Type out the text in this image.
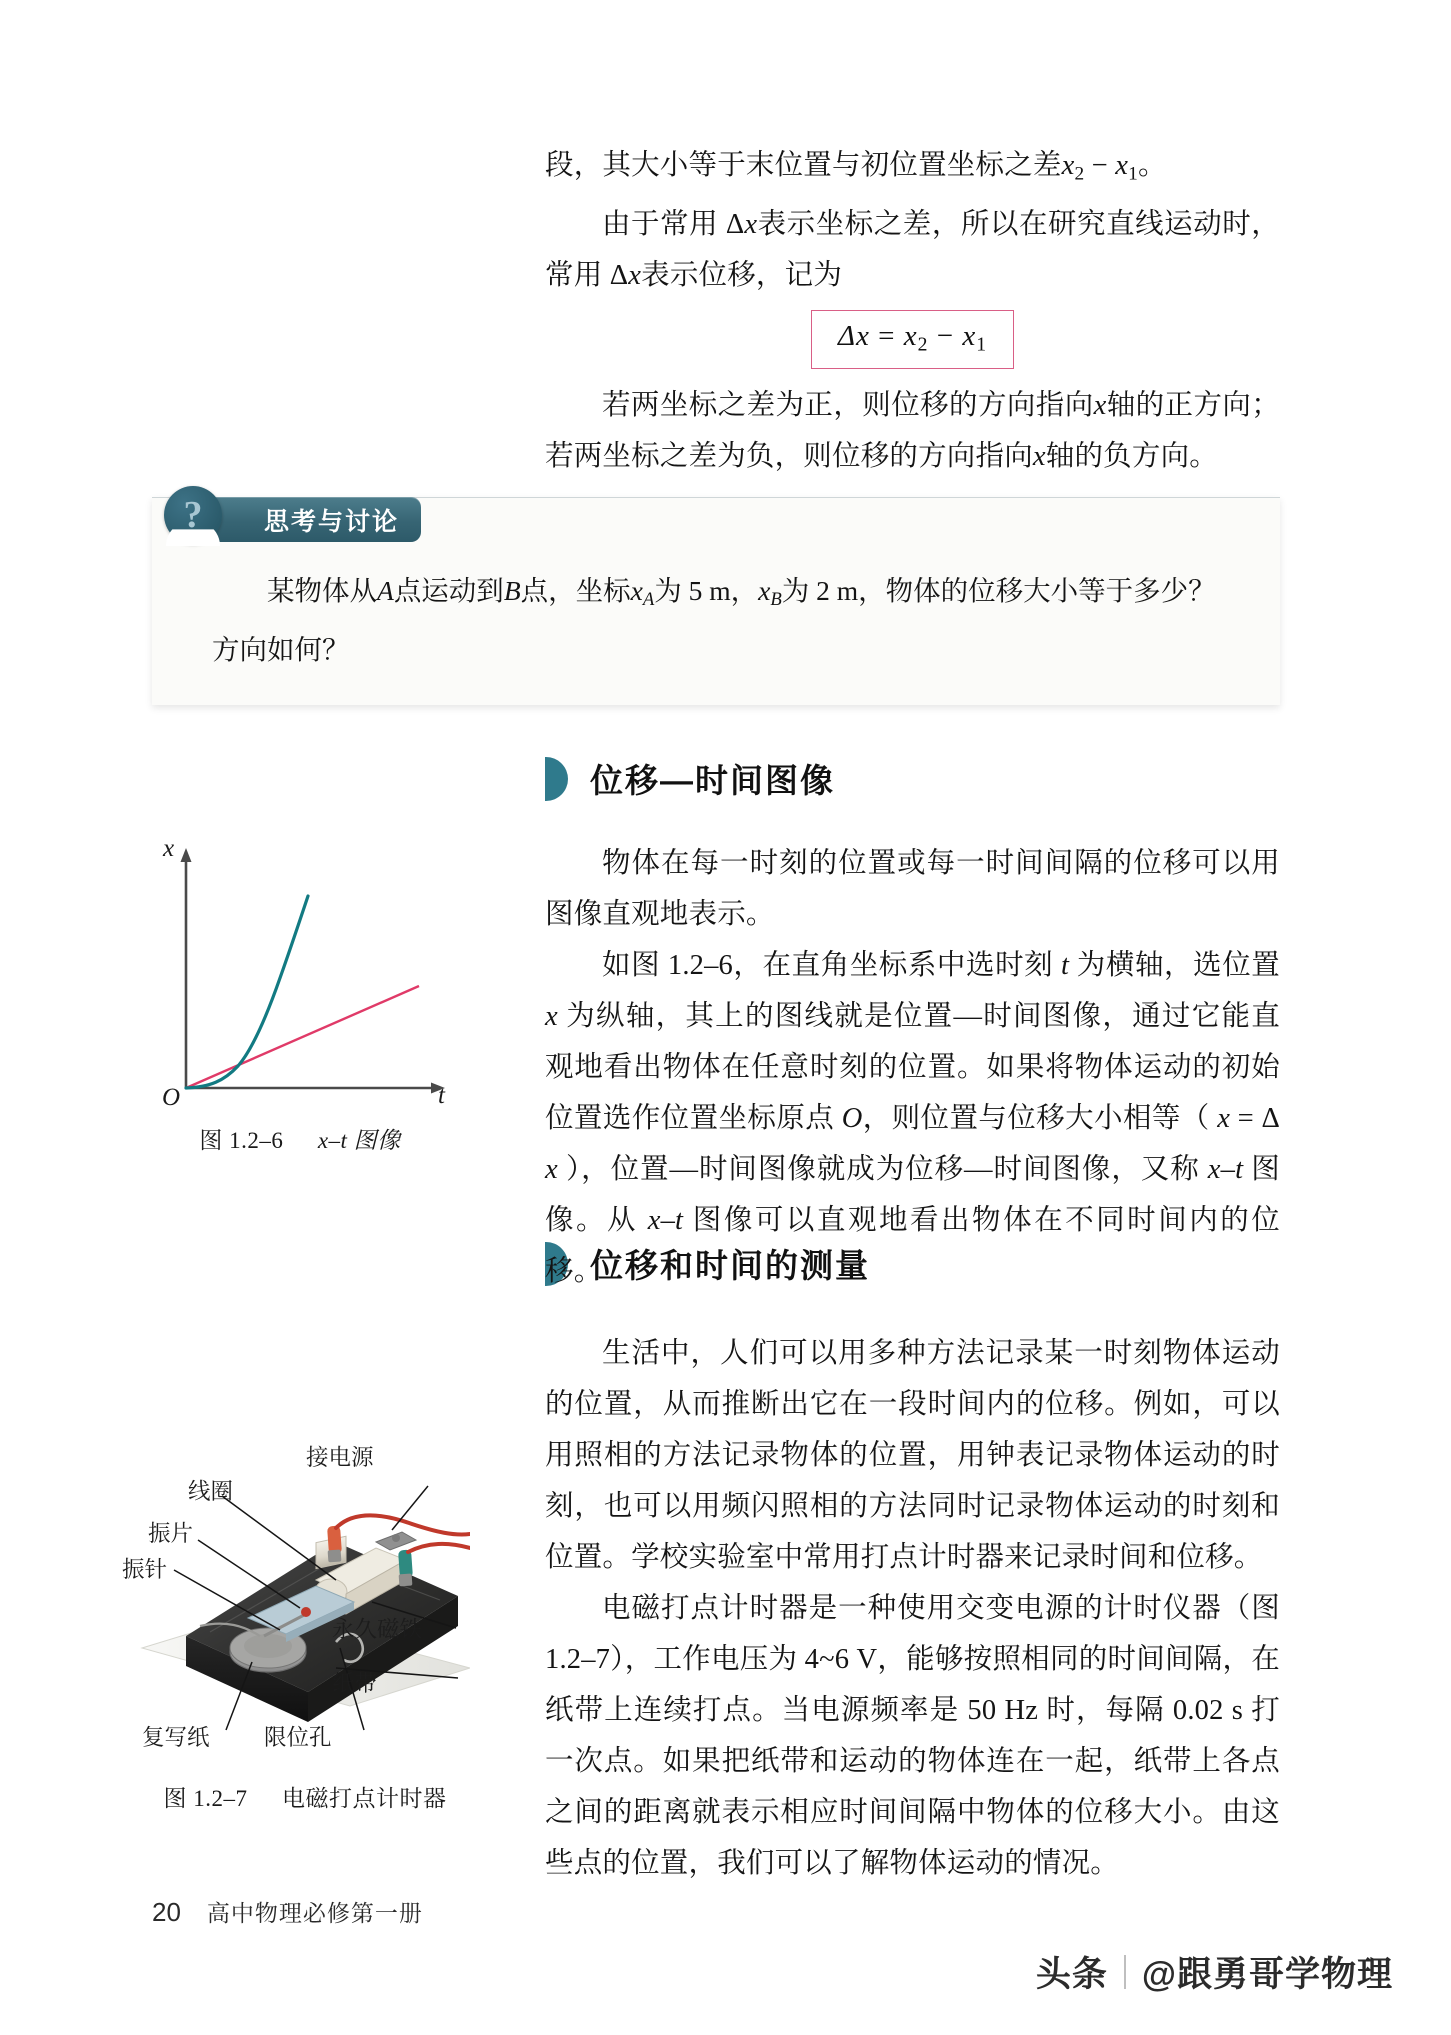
段，其大小等于末位置与初位置坐标之差$x_2 - x_1$。

由于常用 Δx表示坐标之差，所以在研究直线运动时，常用 Δx表示位移，记为

$\Delta x = x_2 - x_1$

若两坐标之差为正，则位移的方向指向x轴的正方向；若两坐标之差为负，则位移的方向指向x轴的负方向。

思考与讨论
?

某物体从A点运动到B点，坐标$x_A$为 5 m，$x_B$为 2 m，物体的位移大小等于多少？方向如何？

位移—时间图像
x
t
O
图 1.2–6 x–t 图像
位移和时间的测量

物体在每一时刻的位置或每一时间间隔的位移可以用图像直观地表示。

如图 1.2–6，在直角坐标系中选时刻 t 为横轴，选位置 x 为纵轴，其上的图线就是位置—时间图像，通过它能直观地看出物体在任意时刻的位置。如果将物体运动的初始位置选作位置坐标原点 O，则位置与位移大小相等（ x = Δ x ），位置—时间图像就成为位移—时间图像，又称 x–t 图像。从 x–t 图像可以直观地看出物体在不同时间内的位移。

生活中，人们可以用多种方法记录某一时刻物体运动的位置，从而推断出它在一段时间内的位移。例如，可以用照相的方法记录物体的位置，用钟表记录物体运动的时刻，也可以用频闪照相的方法同时记录物体运动的时刻和位置。学校实验室中常用打点计时器来记录时间和位移。

电磁打点计时器是一种使用交变电源的计时仪器（图 1.2–7），工作电压为 4~6 V，能够按照相同的时间间隔，在纸带上连续打点。当电源频率是 50 Hz 时，每隔 0.02 s 打一次点。如果把纸带和运动的物体连在一起，纸带上各点之间的距离就表示相应时间间隔中物体的位移大小。由这些点的位置，我们可以了解物体运动的情况。

线圈
接电源
振片
振针
永久磁铁
纸带
限位孔
复写纸
图 1.2–7 电磁打点计时器
20 高中物理必修第一册
头条 @跟勇哥学物理
